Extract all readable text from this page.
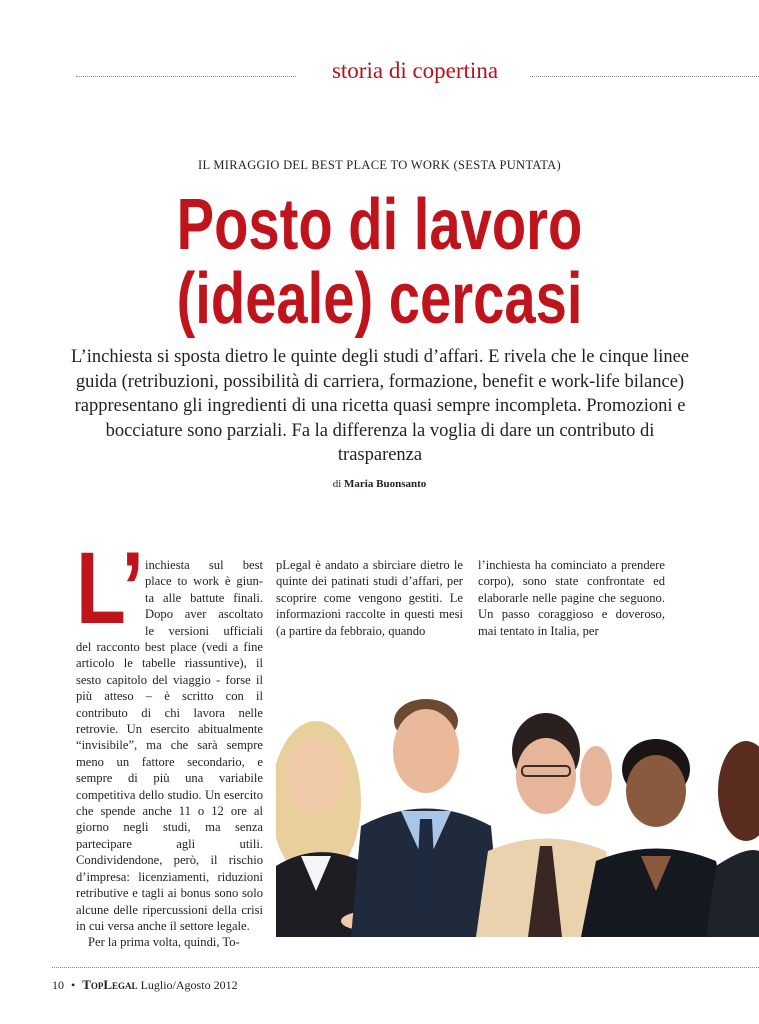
storia di copertina
IL MIRAGGIO DEL BEST PLACE TO WORK (SESTA PUNTATA)
Posto di lavoro
(ideale) cercasi
L’inchiesta si sposta dietro le quinte degli studi d’affari. E rivela che le cinque linee guida (retribuzioni, possibilità di carriera, formazione, benefit e work-life bilance) rappresentano gli ingredienti di una ricetta quasi sempre incompleta. Promozioni e bocciature sono parziali. Fa la differenza la voglia di dare un contributo di trasparenza
di Maria Buonsanto
L’ inchiesta sul best

place to work è giun-

ta alle battute finali.

Dopo aver ascoltato

le versioni ufficiali

del racconto best place (vedi a fine articolo le tabelle riassuntive), il sesto capitolo del viaggio - forse il più atteso – è scritto con il contributo di chi lavora nelle retrovie. Un esercito abitualmente “invisibile”, ma che sarà sempre meno un fattore secondario, e sempre di più una variabile competitiva dello studio. Un esercito che spende anche 11 o 12 ore al giorno negli studi, ma senza partecipare agli utili. Condividendone, però, il rischio d’impresa: licenziamenti, riduzioni retributive e tagli ai bonus sono solo alcune delle ripercussioni della crisi in cui versa anche il settore legale.

Per la prima volta, quindi, To-

pLegal è andato a sbirciare dietro le quinte dei patinati studi d’affari, per scoprire come vengono gestiti. Le informazioni raccolte in questi mesi (a partire da febbraio, quando

l’inchiesta ha cominciato a prendere corpo), sono state confrontate ed elaborarle nelle pagine che seguono. Un passo coraggioso e doveroso, mai tentato in Italia, per

10 • TopLegal Luglio/Agosto 2012
